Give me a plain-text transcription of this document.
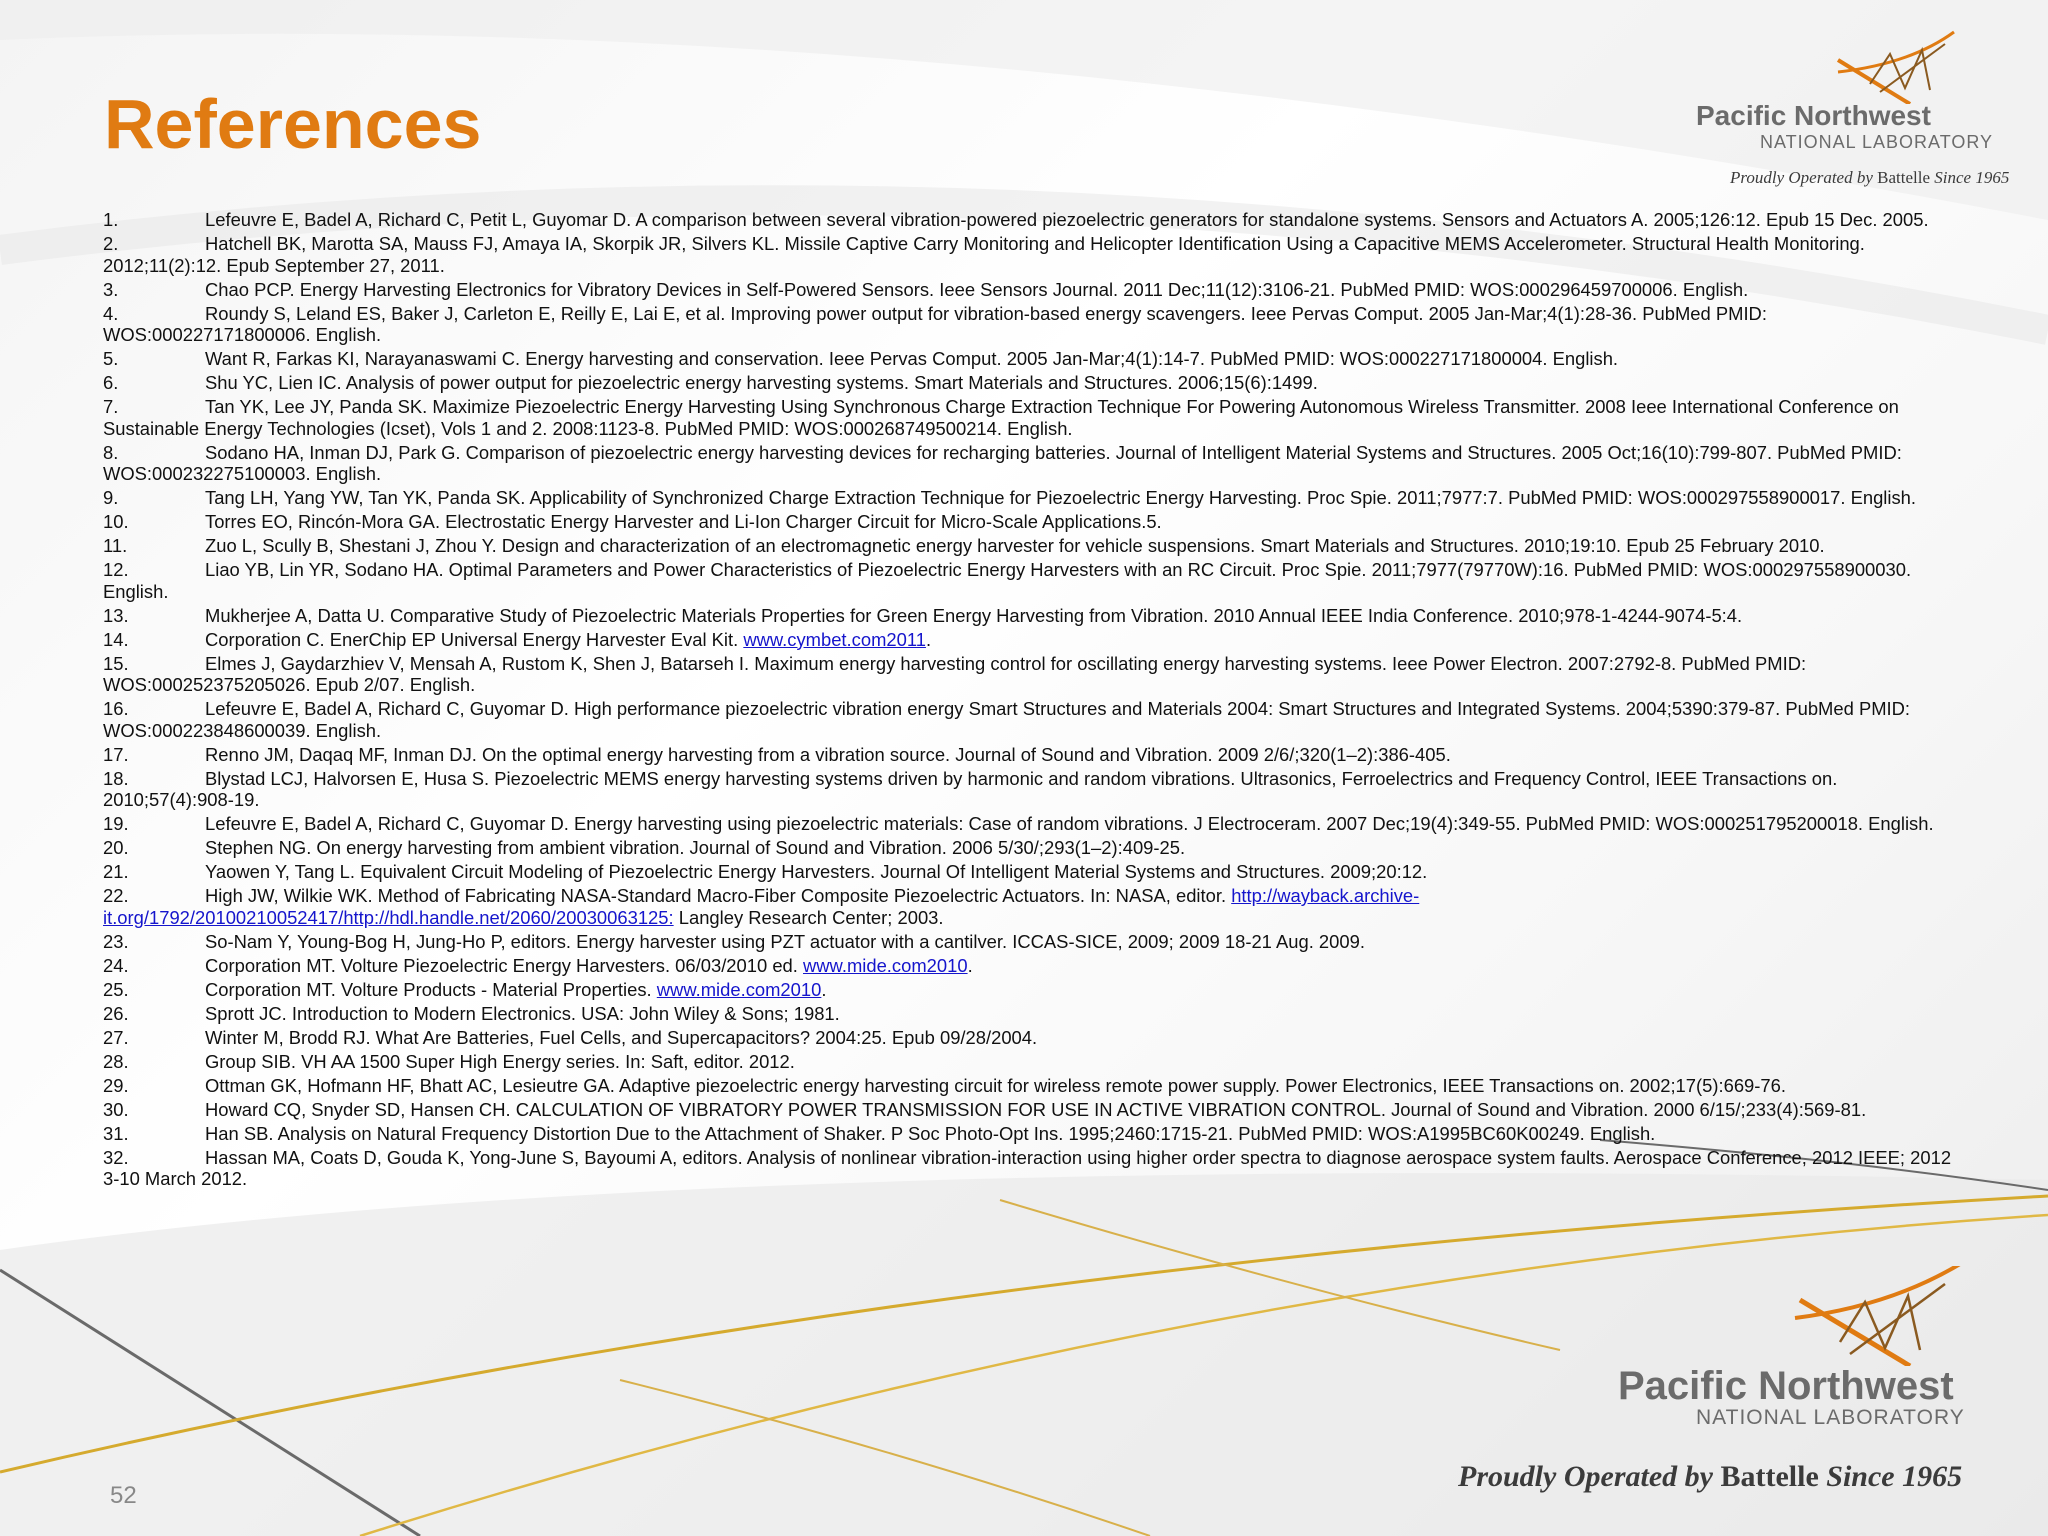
References	Pacific Northwest
NATIONAL LABORATORY
Proudly Operated by Battelle Since 1965
1.	Lefeuvre E, Badel A, Richard C, Petit L, Guyomar D. A comparison between several vibration-powered piezoelectric generators for standalone systems. Sensors and Actuators A. 2005;126:12. Epub 15 Dec. 2005.
2.	Hatchell BK, Marotta SA, Mauss FJ, Amaya IA, Skorpik JR, Silvers KL. Missile Captive Carry Monitoring and Helicopter Identification Using a Capacitive MEMS Accelerometer. Structural Health Monitoring. 2012;11(2):12. Epub September 27, 2011.
3.	Chao PCP. Energy Harvesting Electronics for Vibratory Devices in Self-Powered Sensors. Ieee Sensors Journal. 2011 Dec;11(12):3106-21. PubMed PMID: WOS:000296459700006. English.
4.	Roundy S, Leland ES, Baker J, Carleton E, Reilly E, Lai E, et al. Improving power output for vibration-based energy scavengers. Ieee Pervas Comput. 2005 Jan-Mar;4(1):28-36. PubMed PMID: WOS:000227171800006. English.
5.	Want R, Farkas KI, Narayanaswami C. Energy harvesting and conservation. Ieee Pervas Comput. 2005 Jan-Mar;4(1):14-7. PubMed PMID: WOS:000227171800004. English.
6.	Shu YC, Lien IC. Analysis of power output for piezoelectric energy harvesting systems. Smart Materials and Structures. 2006;15(6):1499.
7.	Tan YK, Lee JY, Panda SK. Maximize Piezoelectric Energy Harvesting Using Synchronous Charge Extraction Technique For Powering Autonomous Wireless Transmitter. 2008 Ieee International Conference on Sustainable Energy Technologies (Icset), Vols 1 and 2. 2008:1123-8. PubMed PMID: WOS:000268749500214. English.
8.	Sodano HA, Inman DJ, Park G. Comparison of piezoelectric energy harvesting devices for recharging batteries. Journal of Intelligent Material Systems and Structures. 2005 Oct;16(10):799-807. PubMed PMID: WOS:000232275100003. English.
9.	Tang LH, Yang YW, Tan YK, Panda SK. Applicability of Synchronized Charge Extraction Technique for Piezoelectric Energy Harvesting. Proc Spie. 2011;7977:7. PubMed PMID: WOS:000297558900017. English.
10.	Torres EO, Rincón-Mora GA. Electrostatic Energy Harvester and Li-Ion Charger Circuit for Micro-Scale Applications.5.
11.	Zuo L, Scully B, Shestani J, Zhou Y. Design and characterization of an electromagnetic energy harvester for vehicle suspensions. Smart Materials and Structures. 2010;19:10. Epub 25 February 2010.
12.	Liao YB, Lin YR, Sodano HA. Optimal Parameters and Power Characteristics of Piezoelectric Energy Harvesters with an RC Circuit. Proc Spie. 2011;7977(79770W):16. PubMed PMID: WOS:000297558900030. English.
13.	Mukherjee A, Datta U. Comparative Study of Piezoelectric Materials Properties for Green Energy Harvesting from Vibration. 2010 Annual IEEE India Conference. 2010;978-1-4244-9074-5:4.
14.	Corporation C. EnerChip EP Universal Energy Harvester Eval Kit. www.cymbet.com2011.
15.	Elmes J, Gaydarzhiev V, Mensah A, Rustom K, Shen J, Batarseh I. Maximum energy harvesting control for oscillating energy harvesting systems. Ieee Power Electron. 2007:2792-8. PubMed PMID: WOS:000252375205026. Epub 2/07. English.
16.	Lefeuvre E, Badel A, Richard C, Guyomar D. High performance piezoelectric vibration energy Smart Structures and Materials 2004: Smart Structures and Integrated Systems. 2004;5390:379-87. PubMed PMID: WOS:000223848600039. English.
17.	Renno JM, Daqaq MF, Inman DJ. On the optimal energy harvesting from a vibration source. Journal of Sound and Vibration. 2009 2/6/;320(1–2):386-405.
18.	Blystad LCJ, Halvorsen E, Husa S. Piezoelectric MEMS energy harvesting systems driven by harmonic and random vibrations. Ultrasonics, Ferroelectrics and Frequency Control, IEEE Transactions on. 2010;57(4):908-19.
19.	Lefeuvre E, Badel A, Richard C, Guyomar D. Energy harvesting using piezoelectric materials: Case of random vibrations. J Electroceram. 2007 Dec;19(4):349-55. PubMed PMID: WOS:000251795200018. English.
20.	Stephen NG. On energy harvesting from ambient vibration. Journal of Sound and Vibration. 2006 5/30/;293(1–2):409-25.
21.	Yaowen Y, Tang L. Equivalent Circuit Modeling of Piezoelectric Energy Harvesters. Journal Of Intelligent Material Systems and Structures. 2009;20:12.
22.	High JW, Wilkie WK. Method of Fabricating NASA-Standard Macro-Fiber Composite Piezoelectric Actuators. In: NASA, editor. http://wayback.archive-it.org/1792/20100210052417/http://hdl.handle.net/2060/20030063125: Langley Research Center; 2003.
23.	So-Nam Y, Young-Bog H, Jung-Ho P, editors. Energy harvester using PZT actuator with a cantilver. ICCAS-SICE, 2009; 2009 18-21 Aug. 2009.
24.	Corporation MT. Volture Piezoelectric Energy Harvesters. 06/03/2010 ed. www.mide.com2010.
25.	Corporation MT. Volture Products - Material Properties. www.mide.com2010.
26.	Sprott JC. Introduction to Modern Electronics. USA: John Wiley & Sons; 1981.
27.	Winter M, Brodd RJ. What Are Batteries, Fuel Cells, and Supercapacitors? 2004:25. Epub 09/28/2004.
28.	Group SIB. VH AA 1500 Super High Energy series. In: Saft, editor. 2012.
29.	Ottman GK, Hofmann HF, Bhatt AC, Lesieutre GA. Adaptive piezoelectric energy harvesting circuit for wireless remote power supply. Power Electronics, IEEE Transactions on. 2002;17(5):669-76.
30.	Howard CQ, Snyder SD, Hansen CH. CALCULATION OF VIBRATORY POWER TRANSMISSION FOR USE IN ACTIVE VIBRATION CONTROL. Journal of Sound and Vibration. 2000 6/15/;233(4):569-81.
31.	Han SB. Analysis on Natural Frequency Distortion Due to the Attachment of Shaker. P Soc Photo-Opt Ins. 1995;2460:1715-21. PubMed PMID: WOS:A1995BC60K00249. English.
32.	Hassan MA, Coats D, Gouda K, Yong-June S, Bayoumi A, editors. Analysis of nonlinear vibration-interaction using higher order spectra to diagnose aerospace system faults. Aerospace Conference, 2012 IEEE; 2012 3-10 March 2012.
Pacific Northwest
NATIONAL LABORATORY
Proudly Operated by Battelle Since 1965
52
